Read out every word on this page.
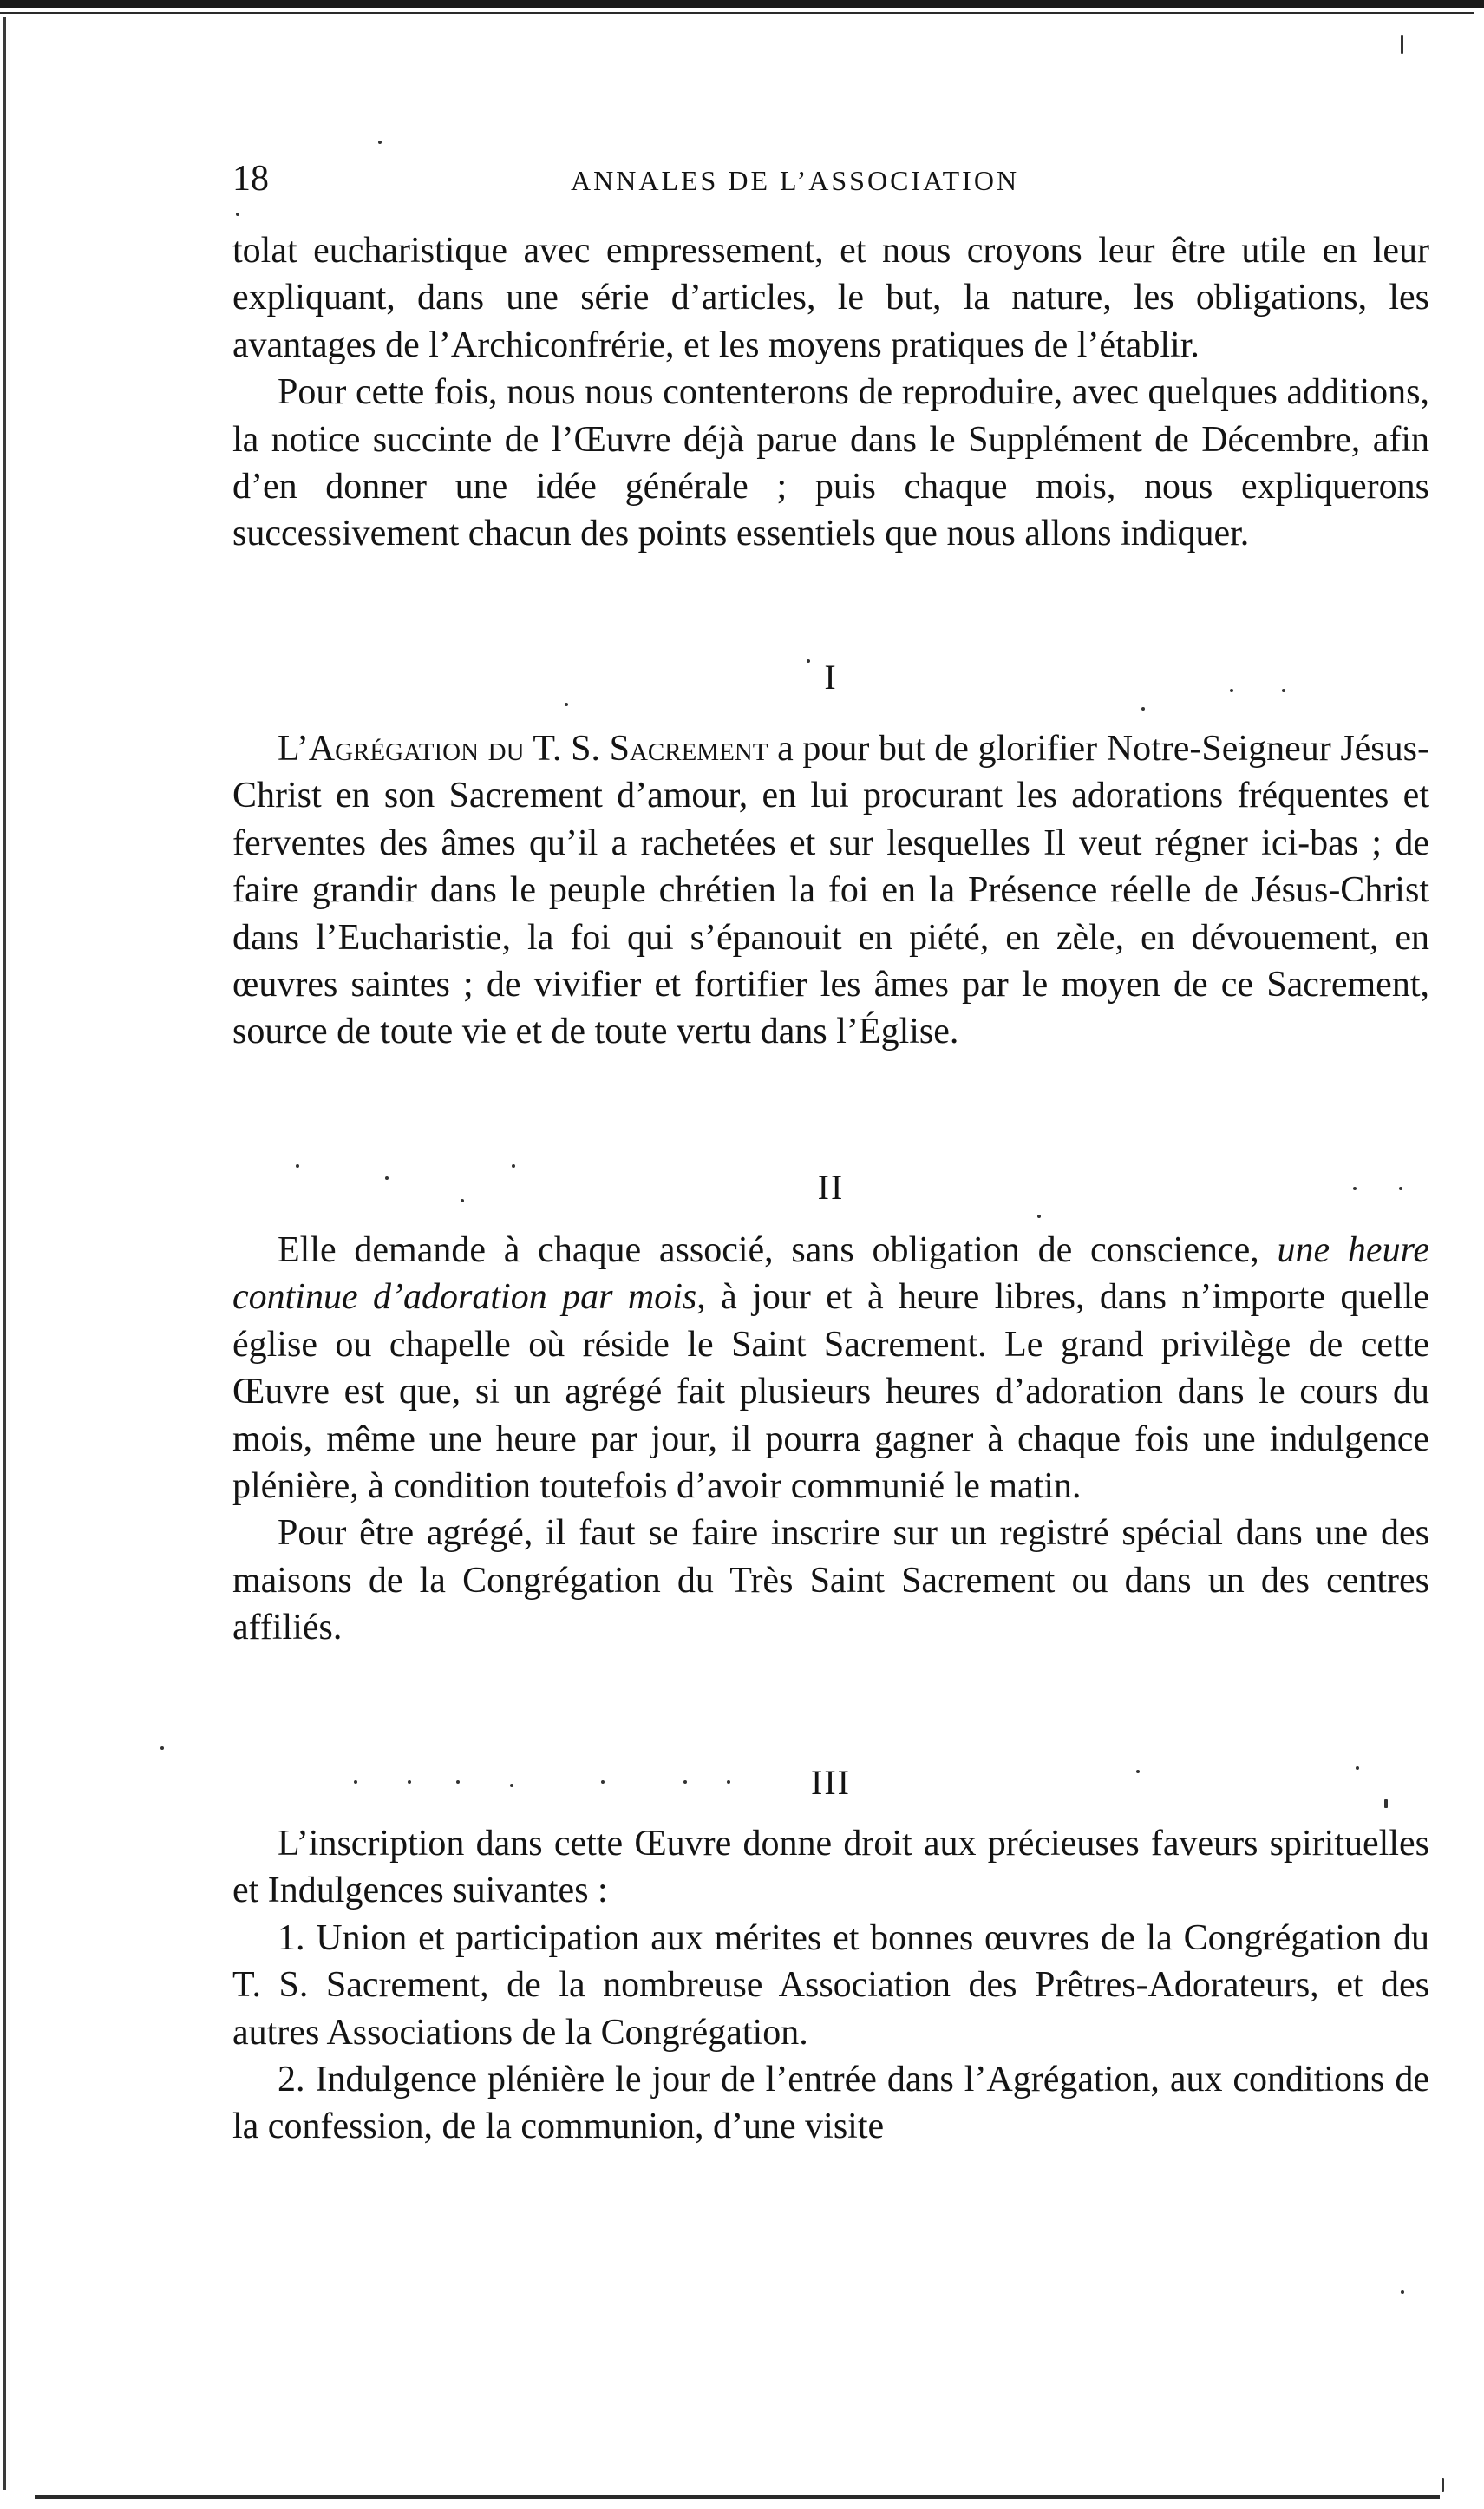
18	ANNALES DE L’ASSOCIATION

tolat eucharistique avec empressement, et nous croyons leur être utile en leur expliquant, dans une série d’articles, le but, la nature, les obligations, les avantages de l’Archiconfrérie, et les moyens pratiques de l’établir.

Pour cette fois, nous nous contenterons de reproduire, avec quelques additions, la notice succinte de l’Œuvre déjà parue dans le Supplément de Décembre, afin d’en donner une idée générale ; puis chaque mois, nous expliquerons successivement chacun des points essentiels que nous allons indiquer.

I

L’Agrégation du T. S. Sacrement a pour but de glorifier Notre-Seigneur Jésus-Christ en son Sacrement d’amour, en lui procurant les adorations fréquentes et ferventes des âmes qu’il a rachetées et sur lesquelles Il veut régner ici-bas ; de faire grandir dans le peuple chrétien la foi en la Présence réelle de Jésus-Christ dans l’Eucharistie, la foi qui s’épanouit en piété, en zèle, en dévouement, en œuvres saintes ; de vivifier et fortifier les âmes par le moyen de ce Sacrement, source de toute vie et de toute vertu dans l’Église.

II

Elle demande à chaque associé, sans obligation de conscience, une heure continue d’adoration par mois, à jour et à heure libres, dans n’importe quelle église ou chapelle où réside le Saint Sacrement. Le grand privilège de cette Œuvre est que, si un agrégé fait plusieurs heures d’adoration dans le cours du mois, même une heure par jour, il pourra gagner à chaque fois une indulgence plénière, à condition toutefois d’avoir communié le matin.

Pour être agrégé, il faut se faire inscrire sur un registré spécial dans une des maisons de la Congrégation du Très Saint Sacrement ou dans un des centres affiliés.

III

L’inscription dans cette Œuvre donne droit aux précieuses faveurs spirituelles et Indulgences suivantes :

1. Union et participation aux mérites et bonnes œuvres de la Congrégation du T. S. Sacrement, de la nombreuse Association des Prêtres-Adorateurs, et des autres Associations de la Congrégation.

2. Indulgence plénière le jour de l’entrée dans l’Agrégation, aux conditions de la confession, de la communion, d’une visite
